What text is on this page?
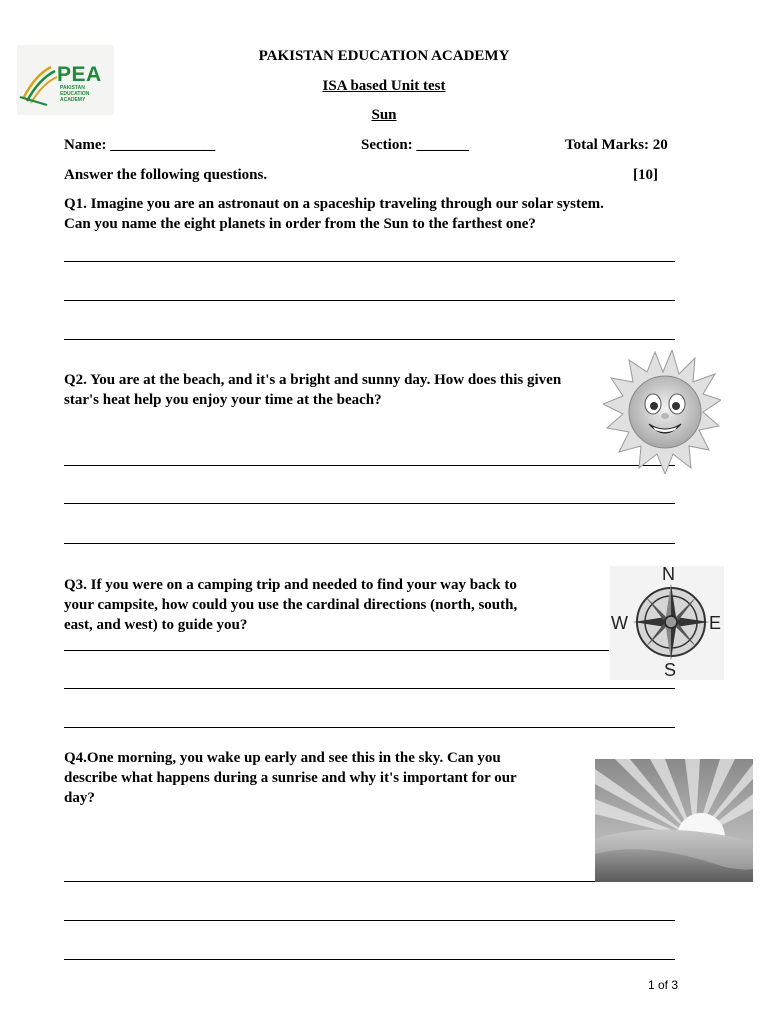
PEA
PAKISTAN
EDUCATION
ACADEMY
PAKISTAN EDUCATION ACADEMY
ISA based Unit test
Sun
Name: ______________	Section: _______	Total Marks: 20
Answer the following questions.	[10]
Q1. Imagine you are an astronaut on a spaceship traveling through our solar system.
Can you name the eight planets in order from the Sun to the farthest one?
Q2. You are at the beach, and it's a bright and sunny day. How does this given
star's heat help you enjoy your time at the beach?
Q3. If you were on a camping trip and needed to find your way back to
your campsite, how could you use the cardinal directions (north, south,
east, and west) to guide you?
N
S
W	E
Q4.One morning, you wake up early and see this in the sky. Can you
describe what happens during a sunrise and why it's important for our
day?
1 of 3
